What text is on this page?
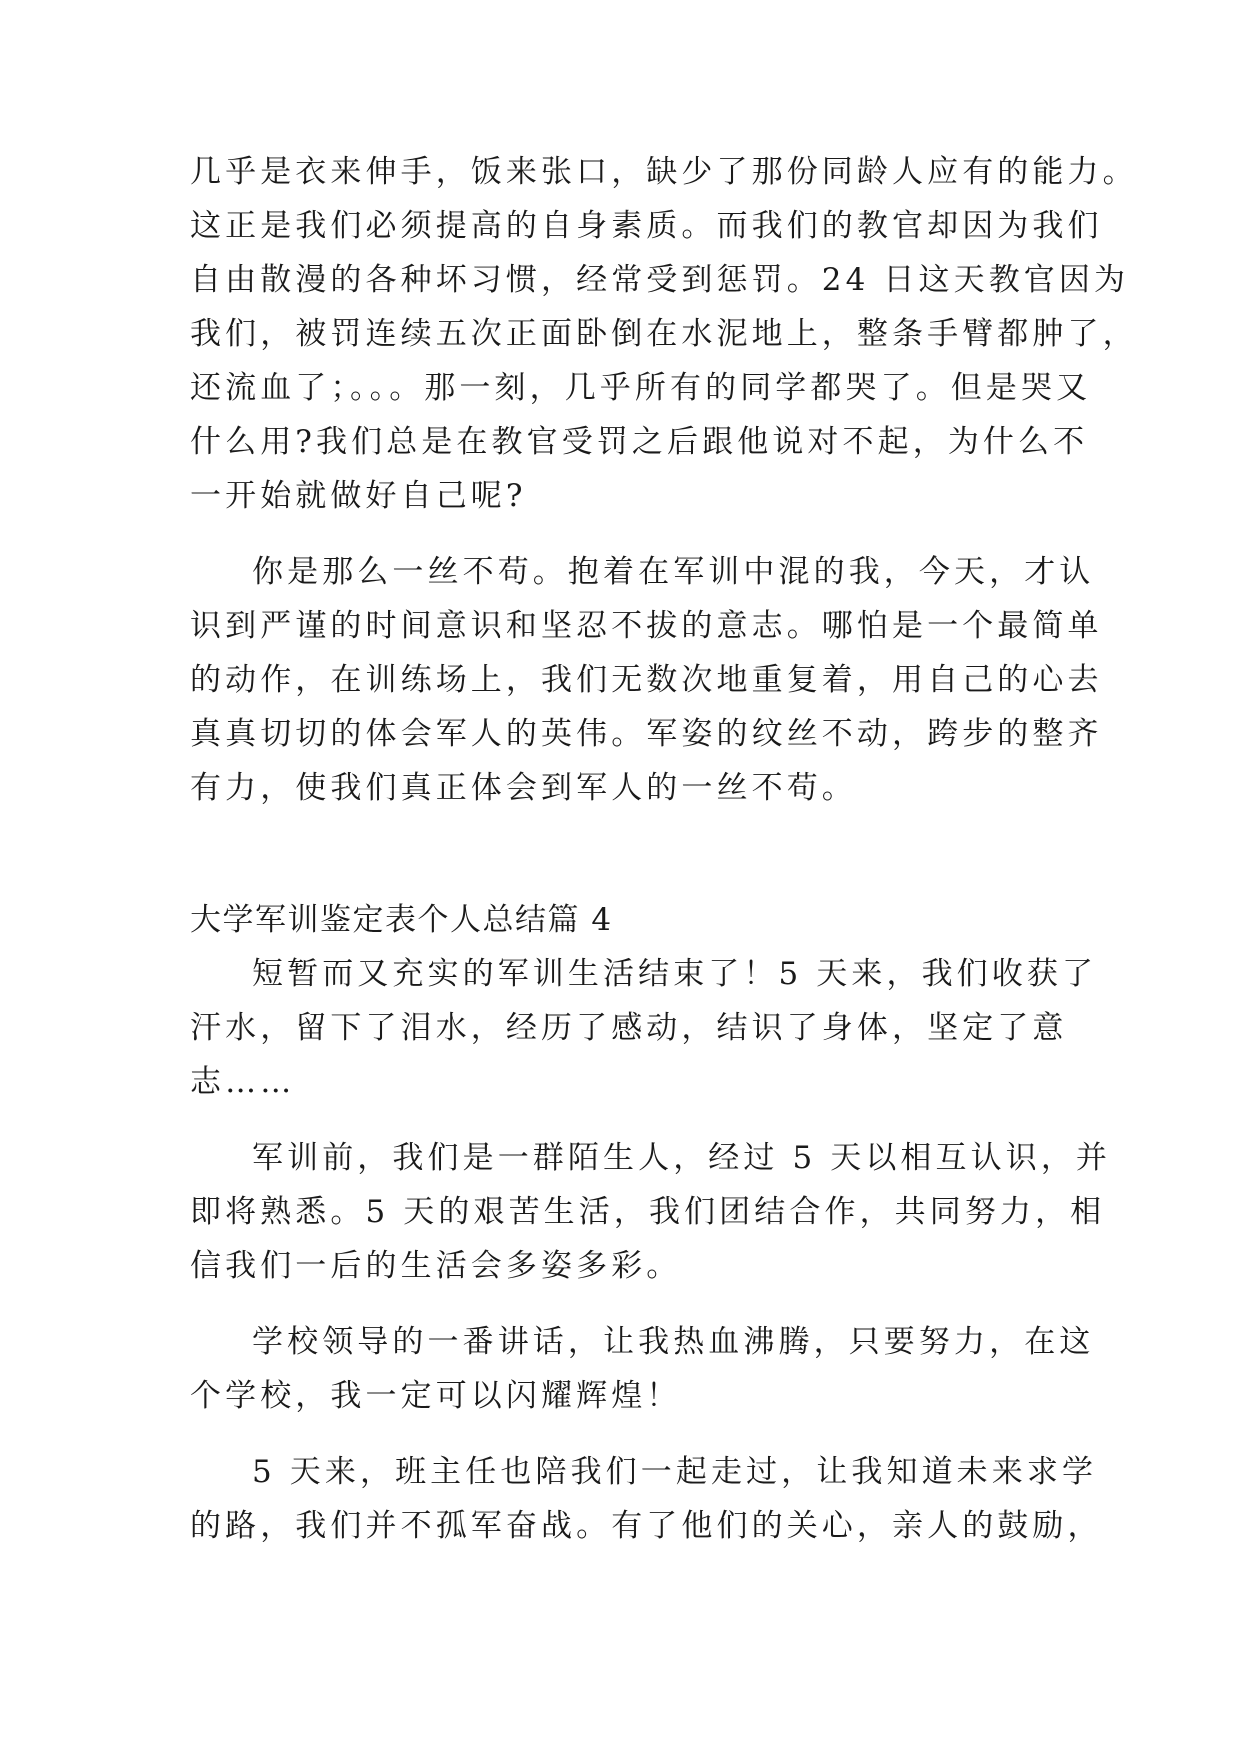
几乎是衣来伸手，饭来张口，缺少了那份同龄人应有的能力。
这正是我们必须提高的自身素质。而我们的教官却因为我们
自由散漫的各种坏习惯，经常受到惩罚。24 日这天教官因为
我们，被罚连续五次正面卧倒在水泥地上，整条手臂都肿了，
还流血了；。。。那一刻，几乎所有的同学都哭了。但是哭又
什么用?我们总是在教官受罚之后跟他说对不起，为什么不
一开始就做好自己呢?
你是那么一丝不苟。抱着在军训中混的我，今天，才认
识到严谨的时间意识和坚忍不拔的意志。哪怕是一个最简单
的动作，在训练场上，我们无数次地重复着，用自己的心去
真真切切的体会军人的英伟。军姿的纹丝不动，跨步的整齐
有力，使我们真正体会到军人的一丝不苟。
大学军训鉴定表个人总结篇 4
短暂而又充实的军训生活结束了！5 天来，我们收获了
汗水，留下了泪水，经历了感动，结识了身体，坚定了意
志……
军训前，我们是一群陌生人，经过 5 天以相互认识，并
即将熟悉。5 天的艰苦生活，我们团结合作，共同努力，相
信我们一后的生活会多姿多彩。
学校领导的一番讲话，让我热血沸腾，只要努力，在这
个学校，我一定可以闪耀辉煌！
5 天来，班主任也陪我们一起走过，让我知道未来求学
的路，我们并不孤军奋战。有了他们的关心，亲人的鼓励，
